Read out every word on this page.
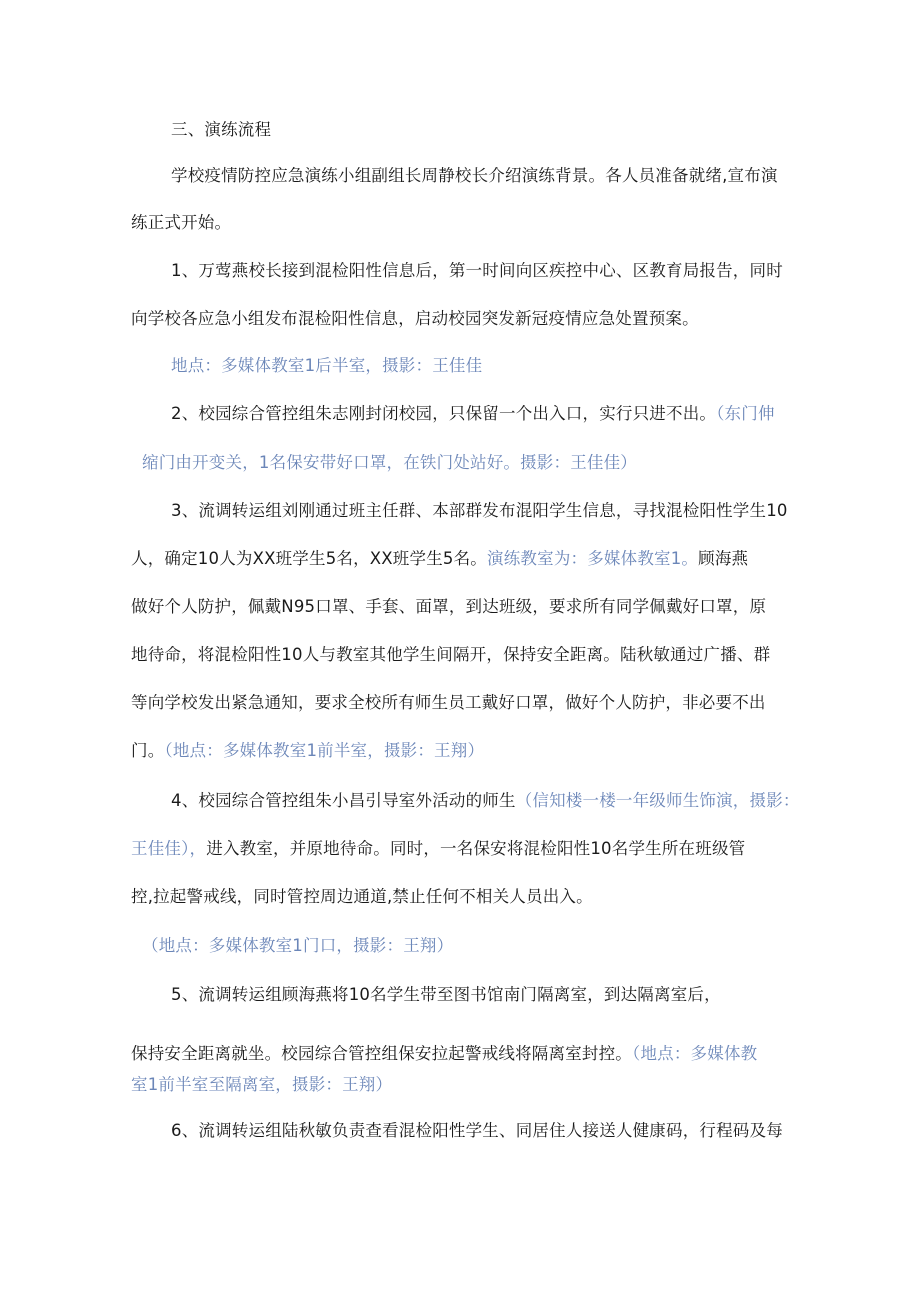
三、演练流程
学校疫情防控应急演练小组副组长周静校长介绍演练背景。各人员准备就绪,宣布演
练正式开始。
1、万莺燕校长接到混检阳性信息后，第一时间向区疾控中心、区教育局报告，同时
向学校各应急小组发布混检阳性信息，启动校园突发新冠疫情应急处置预案。
地点：多媒体教室1后半室，摄影：王佳佳
2、校园综合管控组朱志刚封闭校园，只保留一个出入口，实行只进不出。（东门伸
缩门由开变关，1名保安带好口罩，在铁门处站好。摄影：王佳佳）
3、流调转运组刘刚通过班主任群、本部群发布混阳学生信息，寻找混检阳性学生10
人，确定10人为XX班学生5名，XX班学生5名。演练教室为：多媒体教室1。顾海燕
做好个人防护，佩戴N95口罩、手套、面罩，到达班级，要求所有同学佩戴好口罩，原
地待命，将混检阳性10人与教室其他学生间隔开，保持安全距离。陆秋敏通过广播、群
等向学校发出紧急通知，要求全校所有师生员工戴好口罩，做好个人防护，非必要不出
门。（地点：多媒体教室1前半室，摄影：王翔）
4、校园综合管控组朱小昌引导室外活动的师生（信知楼一楼一年级师生饰演，摄影：
王佳佳），进入教室，并原地待命。同时，一名保安将混检阳性10名学生所在班级管
控,拉起警戒线，同时管控周边通道,禁止任何不相关人员出入。
（地点：多媒体教室1门口，摄影：王翔）
5、流调转运组顾海燕将10名学生带至图书馆南门隔离室，到达隔离室后，
保持安全距离就坐。校园综合管控组保安拉起警戒线将隔离室封控。（地点：多媒体教
室1前半室至隔离室，摄影：王翔）
6、流调转运组陆秋敏负责查看混检阳性学生、同居住人接送人健康码，行程码及每
